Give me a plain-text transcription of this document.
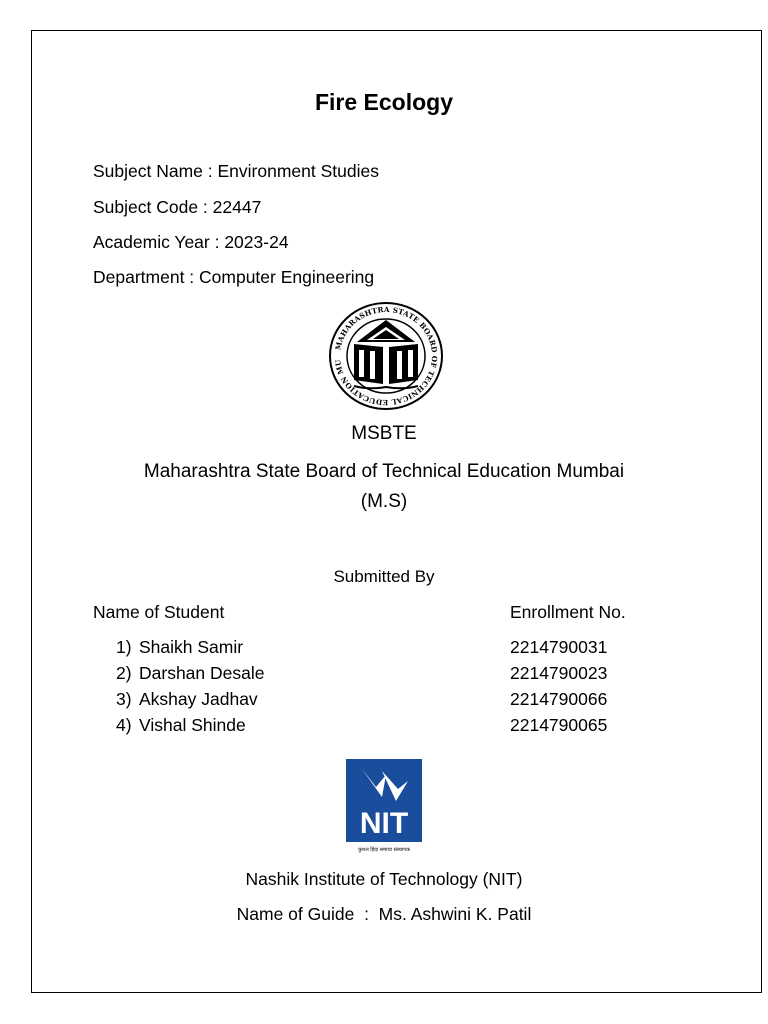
Fire Ecology
Subject Name : Environment Studies
Subject Code : 22447
Academic Year : 2023-24
Department : Computer Engineering
MAHARASHTRA STATE BOARD OF TECHNICAL EDUCATION MU
MSBTE
Maharashtra State Board of Technical Education Mumbai
(M.S)
Submitted By
Name of Student	Enrollment No.
1) Shaikh Samir	2214790031
2) Darshan Desale	2214790023
3) Akshay Jadhav	2214790066
4) Vishal Shinde	2214790065
NIT
कुशल हिंदा समाचा संस्थापक
Nashik Institute of Technology (NIT)
Name of Guide  :  Ms. Ashwini K. Patil
